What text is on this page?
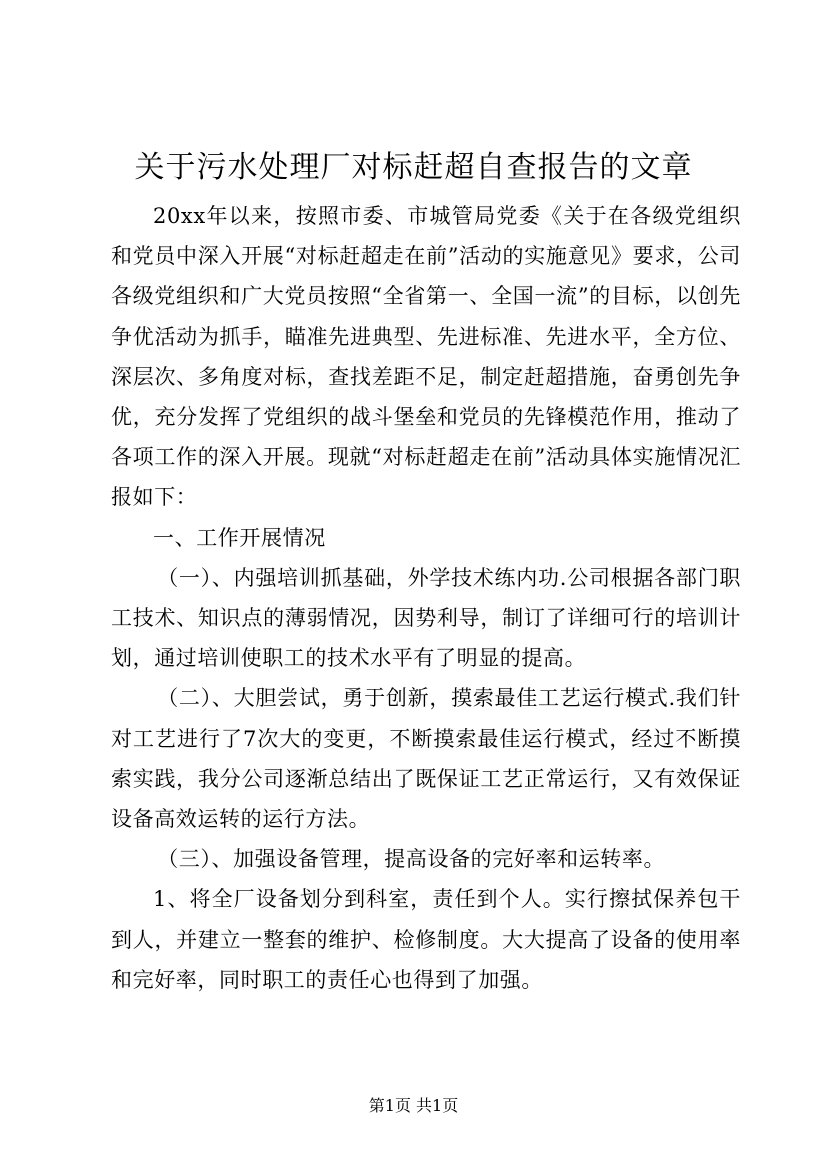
关于污水处理厂对标赶超自查报告的文章

20xx年以来，按照市委、市城管局党委《关于在各级党组织和党员中深入开展“对标赶超走在前”活动的实施意见》要求，公司各级党组织和广大党员按照“全省第一、全国一流”的目标，以创先争优活动为抓手，瞄准先进典型、先进标准、先进水平，全方位、深层次、多角度对标，查找差距不足，制定赶超措施，奋勇创先争优，充分发挥了党组织的战斗堡垒和党员的先锋模范作用，推动了各项工作的深入开展。现就“对标赶超走在前”活动具体实施情况汇报如下：

一、工作开展情况

（一）、内强培训抓基础，外学技术练内功.公司根据各部门职工技术、知识点的薄弱情况，因势利导，制订了详细可行的培训计划，通过培训使职工的技术水平有了明显的提高。

（二）、大胆尝试，勇于创新，摸索最佳工艺运行模式.我们针对工艺进行了7次大的变更，不断摸索最佳运行模式，经过不断摸索实践，我分公司逐渐总结出了既保证工艺正常运行，又有效保证设备高效运转的运行方法。

（三）、加强设备管理，提高设备的完好率和运转率。

1、将全厂设备划分到科室，责任到个人。实行擦拭保养包干到人，并建立一整套的维护、检修制度。大大提高了设备的使用率和完好率，同时职工的责任心也得到了加强。

第1页 共1页
